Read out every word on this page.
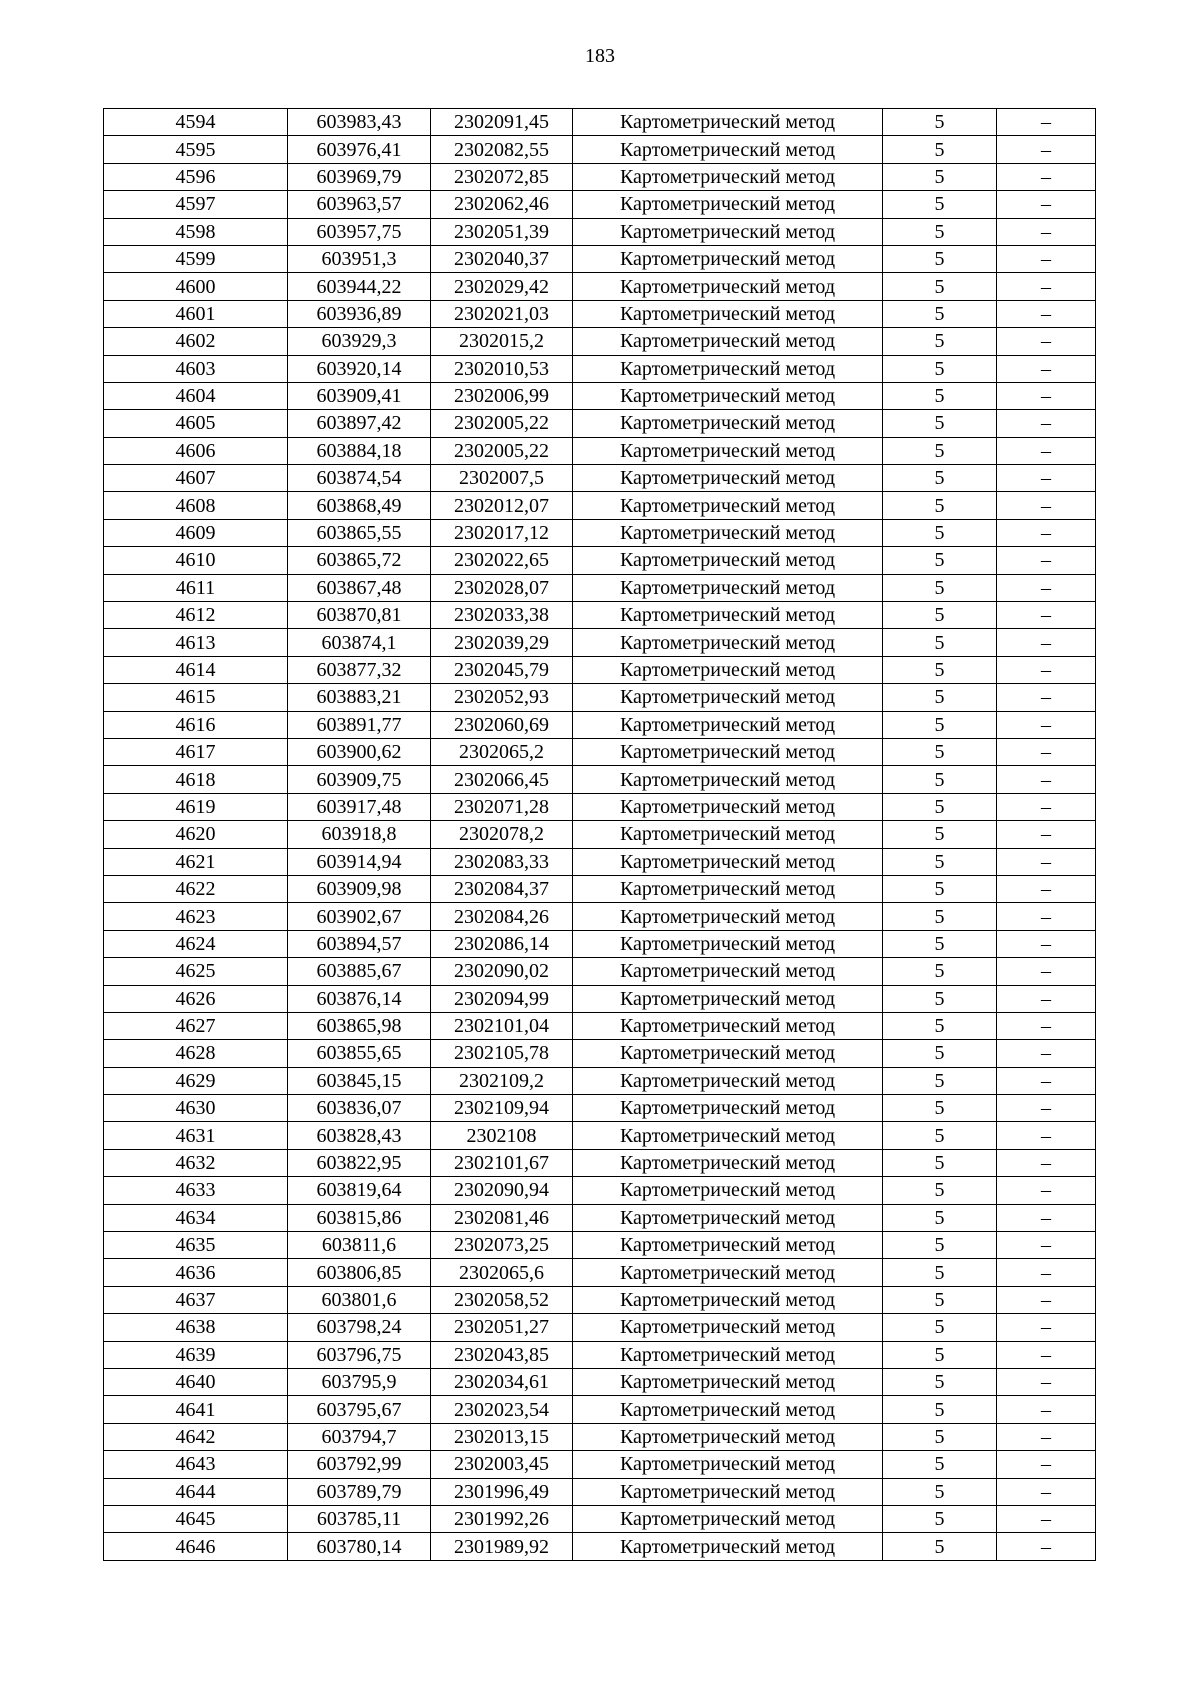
183
4594	603983,43	2302091,45	Картометрический метод	5	–
4595	603976,41	2302082,55	Картометрический метод	5	–
4596	603969,79	2302072,85	Картометрический метод	5	–
4597	603963,57	2302062,46	Картометрический метод	5	–
4598	603957,75	2302051,39	Картометрический метод	5	–
4599	603951,3	2302040,37	Картометрический метод	5	–
4600	603944,22	2302029,42	Картометрический метод	5	–
4601	603936,89	2302021,03	Картометрический метод	5	–
4602	603929,3	2302015,2	Картометрический метод	5	–
4603	603920,14	2302010,53	Картометрический метод	5	–
4604	603909,41	2302006,99	Картометрический метод	5	–
4605	603897,42	2302005,22	Картометрический метод	5	–
4606	603884,18	2302005,22	Картометрический метод	5	–
4607	603874,54	2302007,5	Картометрический метод	5	–
4608	603868,49	2302012,07	Картометрический метод	5	–
4609	603865,55	2302017,12	Картометрический метод	5	–
4610	603865,72	2302022,65	Картометрический метод	5	–
4611	603867,48	2302028,07	Картометрический метод	5	–
4612	603870,81	2302033,38	Картометрический метод	5	–
4613	603874,1	2302039,29	Картометрический метод	5	–
4614	603877,32	2302045,79	Картометрический метод	5	–
4615	603883,21	2302052,93	Картометрический метод	5	–
4616	603891,77	2302060,69	Картометрический метод	5	–
4617	603900,62	2302065,2	Картометрический метод	5	–
4618	603909,75	2302066,45	Картометрический метод	5	–
4619	603917,48	2302071,28	Картометрический метод	5	–
4620	603918,8	2302078,2	Картометрический метод	5	–
4621	603914,94	2302083,33	Картометрический метод	5	–
4622	603909,98	2302084,37	Картометрический метод	5	–
4623	603902,67	2302084,26	Картометрический метод	5	–
4624	603894,57	2302086,14	Картометрический метод	5	–
4625	603885,67	2302090,02	Картометрический метод	5	–
4626	603876,14	2302094,99	Картометрический метод	5	–
4627	603865,98	2302101,04	Картометрический метод	5	–
4628	603855,65	2302105,78	Картометрический метод	5	–
4629	603845,15	2302109,2	Картометрический метод	5	–
4630	603836,07	2302109,94	Картометрический метод	5	–
4631	603828,43	2302108	Картометрический метод	5	–
4632	603822,95	2302101,67	Картометрический метод	5	–
4633	603819,64	2302090,94	Картометрический метод	5	–
4634	603815,86	2302081,46	Картометрический метод	5	–
4635	603811,6	2302073,25	Картометрический метод	5	–
4636	603806,85	2302065,6	Картометрический метод	5	–
4637	603801,6	2302058,52	Картометрический метод	5	–
4638	603798,24	2302051,27	Картометрический метод	5	–
4639	603796,75	2302043,85	Картометрический метод	5	–
4640	603795,9	2302034,61	Картометрический метод	5	–
4641	603795,67	2302023,54	Картометрический метод	5	–
4642	603794,7	2302013,15	Картометрический метод	5	–
4643	603792,99	2302003,45	Картометрический метод	5	–
4644	603789,79	2301996,49	Картометрический метод	5	–
4645	603785,11	2301992,26	Картометрический метод	5	–
4646	603780,14	2301989,92	Картометрический метод	5	–
